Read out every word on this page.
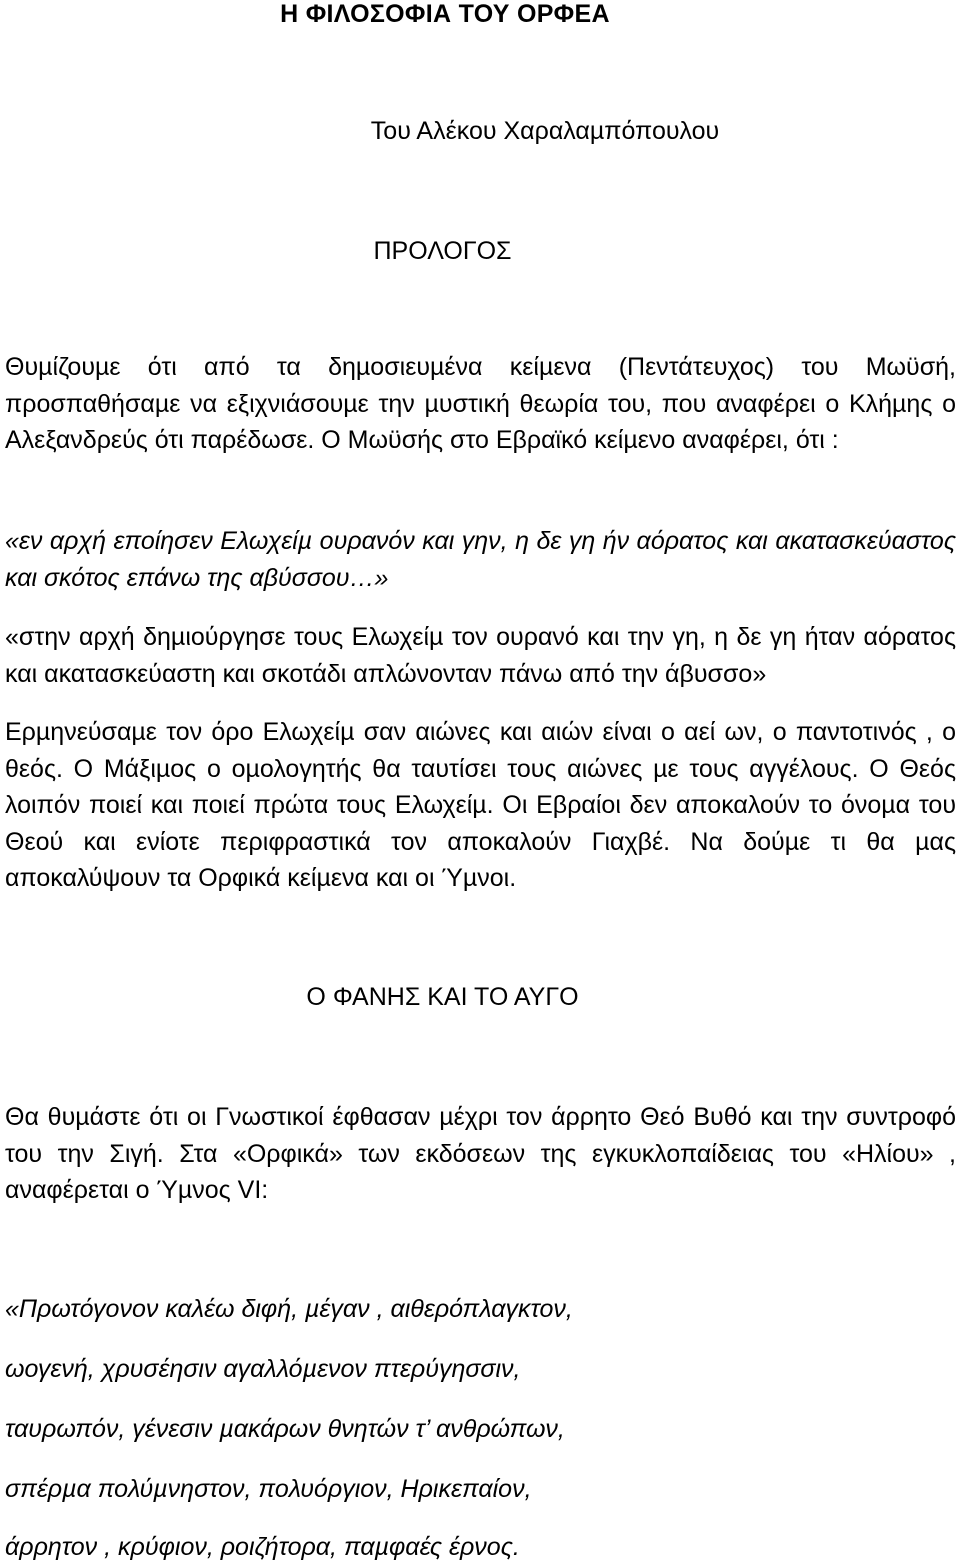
Η ΦΙΛΟΣΟΦΙΑ ΤΟΥ ΟΡΦΕΑ
Του Αλέκου Χαραλαµπόπουλου
ΠΡΟΛΟΓΟΣ
Θυµίζουµε ότι από τα δηµοσιευµένα κείµενα (Πεντάτευχος) του Μωϋσή, προσπαθήσαµε να εξιχνιάσουµε την µυστική θεωρία του, που αναφέρει ο Κλήµης ο Αλεξανδρεύς ότι παρέδωσε. Ο Μωϋσής στο Εβραϊκό κείµενο αναφέρει, ότι :
«εν αρχή εποίησεν Ελωχείµ ουρανόν και γην, η δε γη ήν αόρατος και ακατασκεύαστος και σκότος επάνω της αβύσσου…»
«στην αρχή δηµιούργησε τους Ελωχείµ τον ουρανό και την γη, η δε γη ήταν αόρατος και ακατασκεύαστη και σκοτάδι απλώνονταν πάνω από την άβυσσο»
Ερµηνεύσαµε τον όρο Ελωχείµ σαν αιώνες και αιών είναι ο αεί ων, ο παντοτινός , ο θεός. Ο Μάξιµος ο οµολογητής θα ταυτίσει τους αιώνες µε τους αγγέλους. Ο Θεός λοιπόν ποιεί και ποιεί πρώτα τους Ελωχείµ. Οι Εβραίοι δεν αποκαλούν το όνοµα του Θεού και ενίοτε περιφραστικά τον αποκαλούν Γιαχβέ. Να δούµε τι θα µας αποκαλύψουν τα Ορφικά κείµενα και οι Ύµνοι.
Ο ΦΑΝΗΣ ΚΑΙ ΤΟ ΑΥΓΟ
Θα θυµάστε ότι οι Γνωστικοί έφθασαν µέχρι τον άρρητο Θεό Βυθό και την συντροφό του την Σιγή. Στα «Ορφικά» των εκδόσεων της εγκυκλοπαίδειας του «Ηλίου» , αναφέρεται ο Ύµνος VI:
«Πρωτόγονον καλέω διφή, µέγαν , αιθερόπλαγκτον,
ωογενή, χρυσέησιν αγαλλόµενον πτερύγησσιν,
ταυρωπόν, γένεσιν µακάρων θνητών τ’ ανθρώπων,
σπέρµα πολύµνηστον, πολυόργιον, Ηρικεπαίον,
άρρητον , κρύφιον, ροιζήτορα, παµφαές έρνος.
